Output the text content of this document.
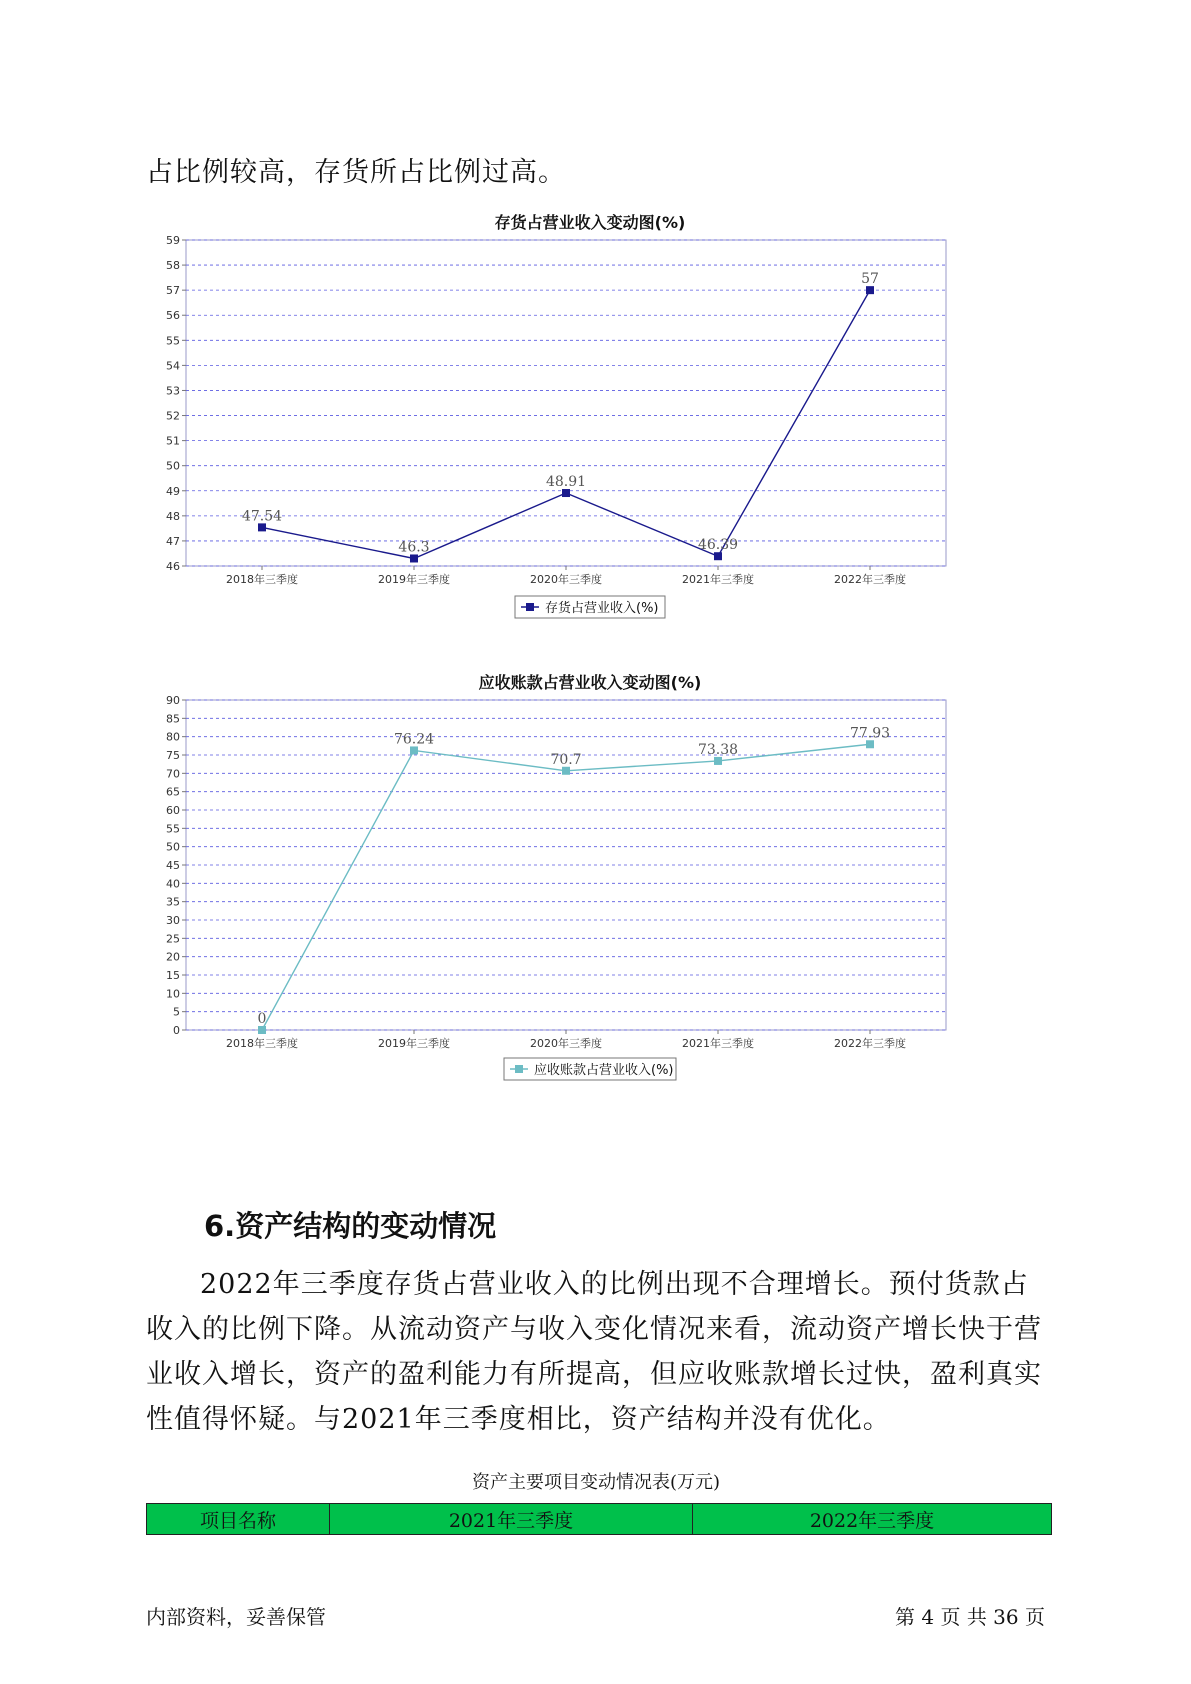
占比例较高，存货所占比例过高。

存货占营业收入变动图(%)
46
47
48
49
50
51
52
53
54
55
56
57
58
59
2018年三季度	2019年三季度	2020年三季度	2021年三季度	2022年三季度
47.54
46.3
48.91
46.39
57
存货占营业收入(%)
应收账款占营业收入变动图(%)
0
5
10
15
20
25
30
35
40
45
50
55
60
65
70
75
80
85
90
2018年三季度	2019年三季度	2020年三季度	2021年三季度	2022年三季度
0
76.24
70.7
73.38
77.93
应收账款占营业收入(%)
6.资产结构的变动情况

2022年三季度存货占营业收入的比例出现不合理增长。预付货款占收入的比例下降。从流动资产与收入变化情况来看，流动资产增长快于营业收入增长，资产的盈利能力有所提高，但应收账款增长过快，盈利真实性值得怀疑。与2021年三季度相比，资产结构并没有优化。

资产主要项目变动情况表(万元)

项目名称	2021年三季度	2022年三季度

内部资料，妥善保管	第 4 页 共 36 页
